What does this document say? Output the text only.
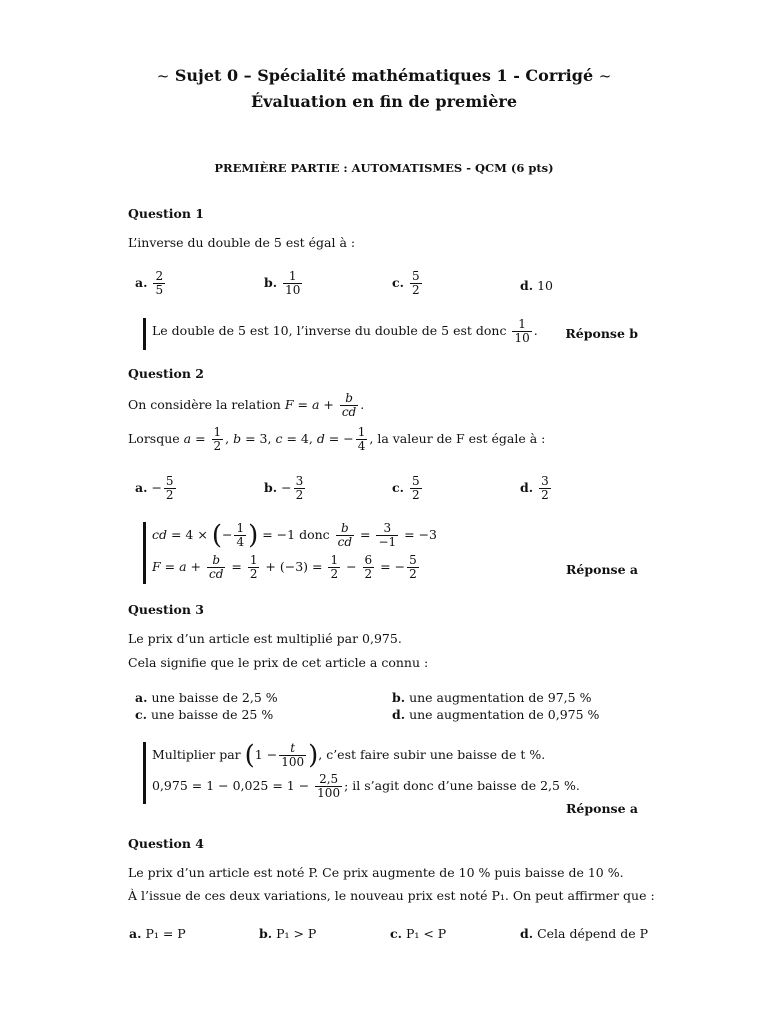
~ Sujet 0 – Spécialité mathématiques 1 - Corrigé ~
Évaluation en fin de première
PREMIÈRE PARTIE : AUTOMATISMES - QCM (6 pts)
Question 1
L’inverse du double de 5 est égal à :
a. $\frac{2}{5}$	b. $\frac{1}{10}$	c. $\frac{5}{2}$	d. 10
Le double de 5 est 10, l’inverse du double de 5 est donc $\frac{1}{10}$ . Réponse b
Question 2
On considère la relation $F = a + \frac{b}{cd}$ .
Lorsque $a = \frac{1}{2}$ , b = 3, c = 4, d = − $\frac{1}{4}$ , la valeur de F est égale à :
a. − $\frac{5}{2}$	b. − $\frac{3}{2}$	c. $\frac{5}{2}$	d. $\frac{3}{2}$
cd = 4 × (− $\frac{1}{4}$ ) = −1 donc $\frac{b}{cd} = \frac{3}{-1} = -3$
$F = a + \frac{b}{cd} = \frac{1}{2} + (-3) = \frac{1}{2} - \frac{6}{2}$ = − $\frac{5}{2}$	Réponse a
Question 3
Le prix d’un article est multiplié par 0,975.
Cela signifie que le prix de cet article a connu :
a. une baisse de 2,5 %	b. une augmentation de 97,5 %
c. une baisse de 25 %	d. une augmentation de 0,975 %
Multiplier par ($1 - \frac{t}{100}$ ), c’est faire subir une baisse de t %.
$0,975 = 1 - 0,025 = 1 - \frac{2,5}{100}$ ; il s’agit donc d’une baisse de 2,5 %.
Réponse a
Question 4
Le prix d’un article est noté P. Ce prix augmente de 10 % puis baisse de 10 %.
À l’issue de ces deux variations, le nouveau prix est noté P₁. On peut affirmer que :
a. P₁ = P	b. P₁ > P	c. P₁ < P	d. Cela dépend de P
